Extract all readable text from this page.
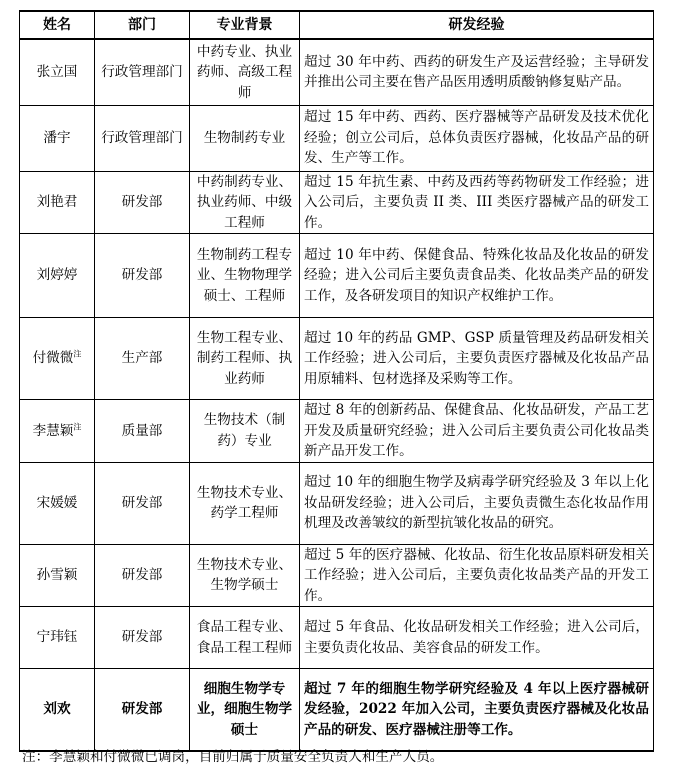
姓名	部门	专业背景	研发经验
张立国	行政管理部门	中药专业、执业药师、高级工程师	超过 30 年中药、西药的研发生产及运营经验；主导研发并推出公司主要在售产品医用透明质酸钠修复贴产品。
潘宇	行政管理部门	生物制药专业	超过 15 年中药、西药、医疗器械等产品研发及技术优化经验；创立公司后，总体负责医疗器械，化妆品产品的研发、生产等工作。
刘艳君	研发部	中药制药专业、执业药师、中级工程师	超过 15 年抗生素、中药及西药等药物研发工作经验；进入公司后，主要负责 II 类、III 类医疗器械产品的研发工作。
刘婷婷	研发部	生物制药工程专业、生物物理学硕士、工程师	超过 10 年中药、保健食品、特殊化妆品及化妆品的研发经验；进入公司后主要负责食品类、化妆品类产品的研发工作，及各研发项目的知识产权维护工作。
付微微$^注$	生产部	生物工程专业、制药工程师、执业药师	超过 10 年的药品 GMP、GSP 质量管理及药品研发相关工作经验；进入公司后，主要负责医疗器械及化妆品产品用原辅料、包材选择及采购等工作。
李慧颖$^注$	质量部	生物技术（制药）专业	超过 8 年的创新药品、保健食品、化妆品研发，产品工艺开发及质量研究经验；进入公司后主要负责公司化妆品类新产品开发工作。
宋媛媛	研发部	生物技术专业、药学工程师	超过 10 年的细胞生物学及病毒学研究经验及 3 年以上化妆品研发经验；进入公司后，主要负责微生态化妆品作用机理及改善皱纹的新型抗皱化妆品的研究。
孙雪颖	研发部	生物技术专业、生物学硕士	超过 5 年的医疗器械、化妆品、衍生化妆品原料研发相关工作经验；进入公司后，主要负责化妆品类产品的开发工作。
宁玮钰	研发部	食品工程专业、食品工程工程师	超过 5 年食品、化妆品研发相关工作经验；进入公司后，主要负责化妆品、美容食品的研发工作。
刘欢	研发部	细胞生物学专业，细胞生物学硕士	超过 7 年的细胞生物学研究经验及 4 年以上医疗器械研发经验，2022 年加入公司，主要负责医疗器械及化妆品产品的研发、医疗器械注册等工作。
注：李慧颖和付微微已调岗，目前归属于质量安全负责人和生产人员。
